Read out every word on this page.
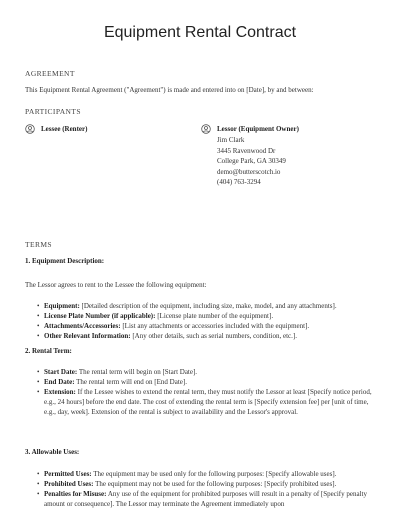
Equipment Rental Contract
AGREEMENT
This Equipment Rental Agreement ("Agreement") is made and entered into on [Date], by and between:
PARTICIPANTS
Lessee (Renter)	Lessor (Equipment Owner)
Jim Clark
3445 Ravenwood Dr
College Park, GA 30349
demo@butterscotch.io
(404) 763-3294
TERMS
1. Equipment Description:
The Lessor agrees to rent to the Lessee the following equipment:
• Equipment: [Detailed description of the equipment, including size, make, model, and any attachments].
• License Plate Number (if applicable): [License plate number of the equipment].
• Attachments/Accessories: [List any attachments or accessories included with the equipment].
• Other Relevant Information: [Any other details, such as serial numbers, condition, etc.].
2. Rental Term:
• Start Date: The rental term will begin on [Start Date].
• End Date: The rental term will end on [End Date].
• Extension: If the Lessee wishes to extend the rental term, they must notify the Lessor at least [Specify notice period, e.g., 24 hours] before the end date. The cost of extending the rental term is [Specify extension fee] per [unit of time, e.g., day, week]. Extension of the rental is subject to availability and the Lessor's approval.
3. Allowable Uses:
• Permitted Uses: The equipment may be used only for the following purposes: [Specify allowable uses].
• Prohibited Uses: The equipment may not be used for the following purposes: [Specify prohibited uses].
• Penalties for Misuse: Any use of the equipment for prohibited purposes will result in a penalty of [Specify penalty amount or consequence]. The Lessor may terminate the Agreement immediately upon
